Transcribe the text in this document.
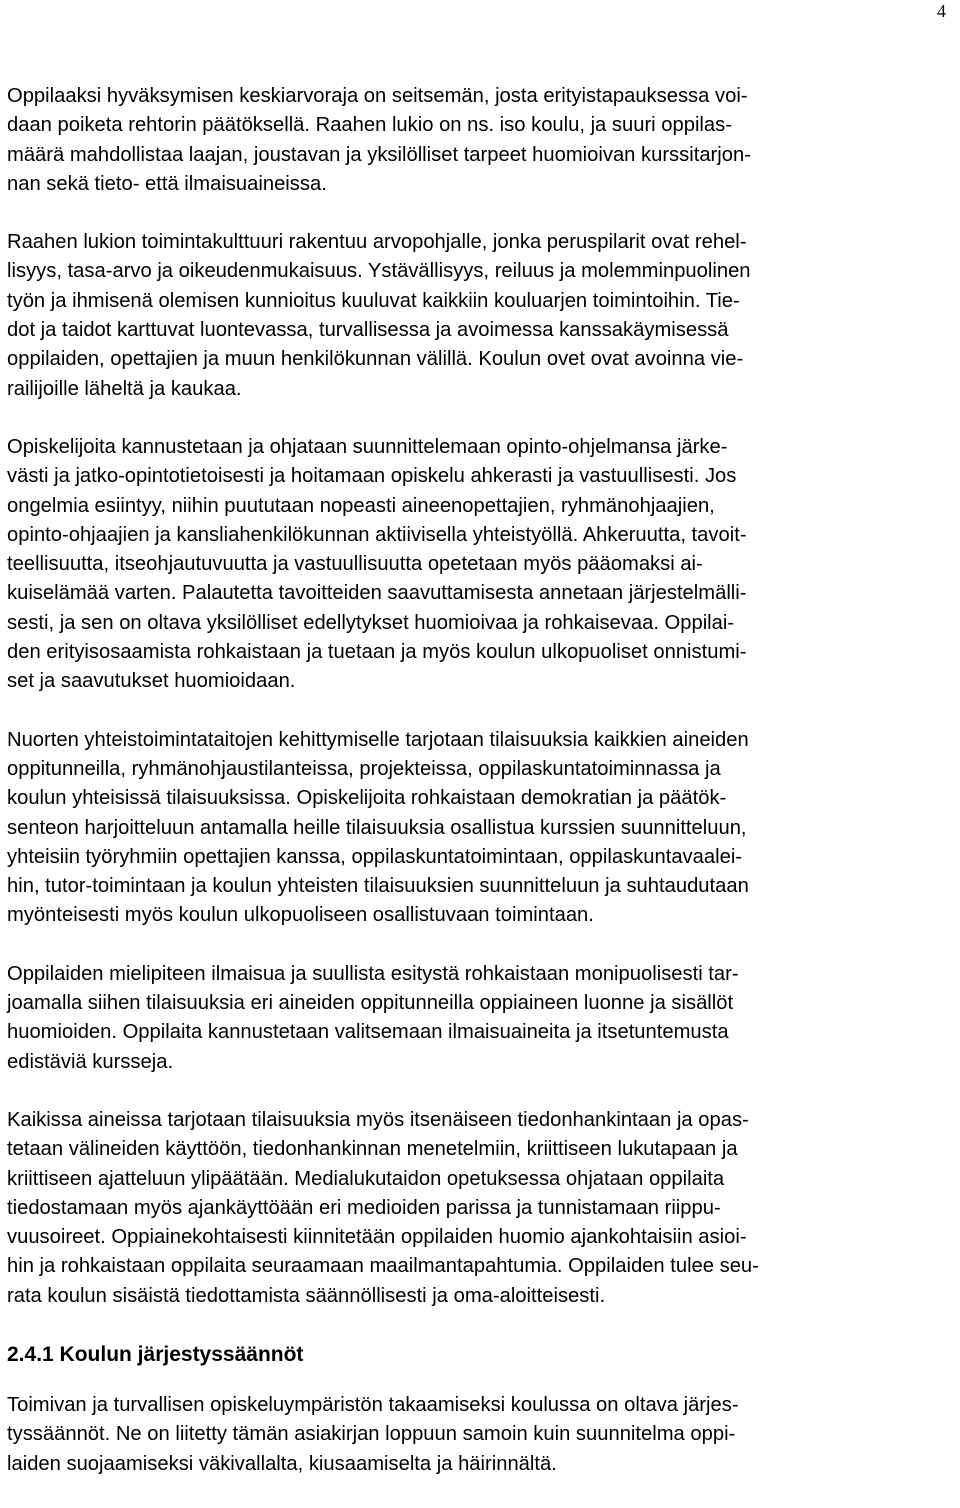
4

Oppilaaksi hyväksymisen keskiarvoraja on seitsemän, josta erityistapauksessa voi-
daan poiketa rehtorin päätöksellä. Raahen lukio on ns. iso koulu, ja suuri oppilas-
määrä mahdollistaa laajan, joustavan ja yksilölliset tarpeet huomioivan kurssitarjon-
nan sekä tieto- että ilmaisuaineissa.

Raahen lukion toimintakulttuuri rakentuu arvopohjalle, jonka peruspilarit ovat rehel-
lisyys, tasa-arvo ja oikeudenmukaisuus. Ystävällisyys, reiluus ja molemminpuolinen
työn ja ihmisenä olemisen kunnioitus kuuluvat kaikkiin kouluarjen toimintoihin. Tie-
dot ja taidot karttuvat luontevassa, turvallisessa ja avoimessa kanssakäymisessä
oppilaiden, opettajien ja muun henkilökunnan välillä. Koulun ovet ovat avoinna vie-
railijoille läheltä ja kaukaa.

Opiskelijoita kannustetaan ja ohjataan suunnittelemaan opinto-ohjelmansa järke-
västi ja jatko-opintotietoisesti ja hoitamaan opiskelu ahkerasti ja vastuullisesti. Jos
ongelmia esiintyy, niihin puututaan nopeasti aineenopettajien, ryhmänohjaajien,
opinto-ohjaajien ja kansliahenkilökunnan aktiivisella yhteistyöllä. Ahkeruutta, tavoit-
teellisuutta, itseohjautuvuutta ja vastuullisuutta opetetaan myös pääomaksi ai-
kuiselämää varten. Palautetta tavoitteiden saavuttamisesta annetaan järjestelmälli-
sesti, ja sen on oltava yksilölliset edellytykset huomioivaa ja rohkaisevaa. Oppilai-
den erityisosaamista rohkaistaan ja tuetaan ja myös koulun ulkopuoliset onnistumi-
set ja saavutukset huomioidaan.

Nuorten yhteistoimintataitojen kehittymiselle tarjotaan tilaisuuksia kaikkien aineiden
oppitunneilla, ryhmänohjaustilanteissa, projekteissa, oppilaskuntatoiminnassa ja
koulun yhteisissä tilaisuuksissa. Opiskelijoita rohkaistaan demokratian ja päätök-
senteon harjoitteluun antamalla heille tilaisuuksia osallistua kurssien suunnitteluun,
yhteisiin työryhmiin opettajien kanssa, oppilaskuntatoimintaan, oppilaskuntavaalei-
hin, tutor-toimintaan ja koulun yhteisten tilaisuuksien suunnitteluun ja suhtaudutaan
myönteisesti myös koulun ulkopuoliseen osallistuvaan toimintaan.

Oppilaiden mielipiteen ilmaisua ja suullista esitystä rohkaistaan monipuolisesti tar-
joamalla siihen tilaisuuksia eri aineiden oppitunneilla oppiaineen luonne ja sisällöt
huomioiden. Oppilaita kannustetaan valitsemaan ilmaisuaineita ja itsetuntemusta
edistäviä kursseja.

Kaikissa aineissa tarjotaan tilaisuuksia myös itsenäiseen tiedonhankintaan ja opas-
tetaan välineiden käyttöön, tiedonhankinnan menetelmiin, kriittiseen lukutapaan ja
kriittiseen ajatteluun ylipäätään. Medialukutaidon opetuksessa ohjataan oppilaita
tiedostamaan myös ajankäyttöään eri medioiden parissa ja tunnistamaan riippu-
vuusoireet. Oppiainekohtaisesti kiinnitetään oppilaiden huomio ajankohtaisiin asioi-
hin ja rohkaistaan oppilaita seuraamaan maailmantapahtumia. Oppilaiden tulee seu-
rata koulun sisäistä tiedottamista säännöllisesti ja oma-aloitteisesti.

2.4.1 Koulun järjestyssäännöt

Toimivan ja turvallisen opiskeluympäristön takaamiseksi koulussa on oltava järjes-
tyssäännöt. Ne on liitetty tämän asiakirjan loppuun samoin kuin suunnitelma oppi-
laiden suojaamiseksi väkivallalta, kiusaamiselta ja häirinnältä.
